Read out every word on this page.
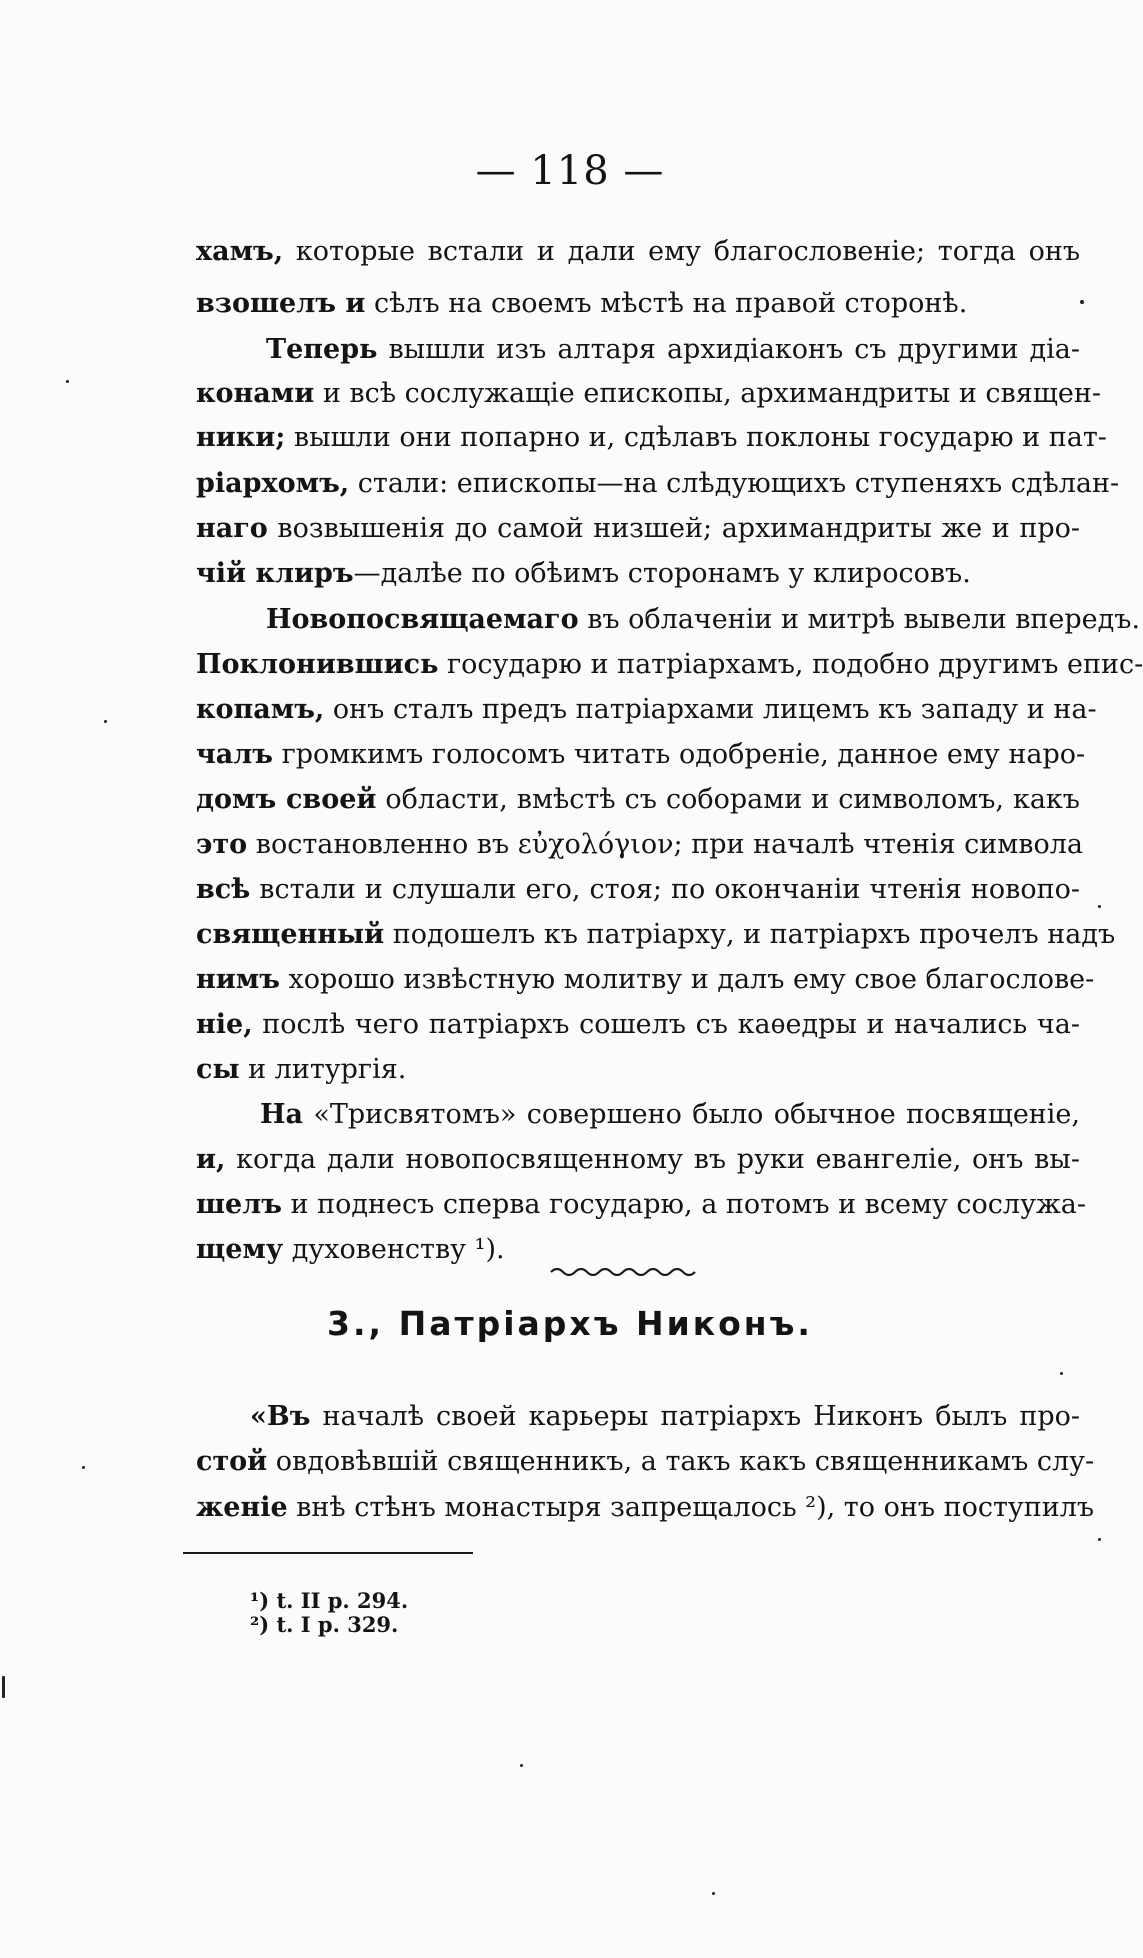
— 118 —
хамъ, которые встали и дали ему благословеніе; тогда онъ
взошелъ и сѣлъ на своемъ мѣстѣ на правой сторонѣ.
Теперь вышли изъ алтаря архидіаконъ съ другими діа-
конами и всѣ сослужащіе епископы, архимандриты и священ-
ники; вышли они попарно и, сдѣлавъ поклоны государю и пат-
ріархомъ, стали: епископы—на слѣдующихъ ступеняхъ сдѣлан-
наго возвышенія до самой низшей; архимандриты же и про-
чій клиръ—далѣе по обѣимъ сторонамъ у клиросовъ.
Новопосвящаемаго въ облаченіи и митрѣ вывели впередъ.
Поклонившись государю и патріархамъ, подобно другимъ епис-
копамъ, онъ сталъ предъ патріархами лицемъ къ западу и на-
чалъ громкимъ голосомъ читать одобреніе, данное ему наро-
домъ своей области, вмѣстѣ съ соборами и символомъ, какъ
это востановленно въ εὐχολόγιον; при началѣ чтенія символа
всѣ встали и слушали его, стоя; по окончаніи чтенія новопо-
священный подошелъ къ патріарху, и патріархъ прочелъ надъ
нимъ хорошо извѣстную молитву и далъ ему свое благослове-
ніе, послѣ чего патріархъ сошелъ съ каѳедры и начались ча-
сы и литургія.
На «Трисвятомъ» совершено было обычное посвященіе,
и, когда дали новопосвященному въ руки евангеліе, онъ вы-
шелъ и поднесъ сперва государю, а потомъ и всему сослужа-
щему духовенству ¹).
3., Патріархъ Никонъ.
«Въ началѣ своей карьеры патріархъ Никонъ былъ про-
стой овдовѣвшій священникъ, а такъ какъ священникамъ слу-
женіе внѣ стѣнъ монастыря запрещалось ²), то онъ поступилъ
¹) t. II p. 294.
²) t. I p. 329.
